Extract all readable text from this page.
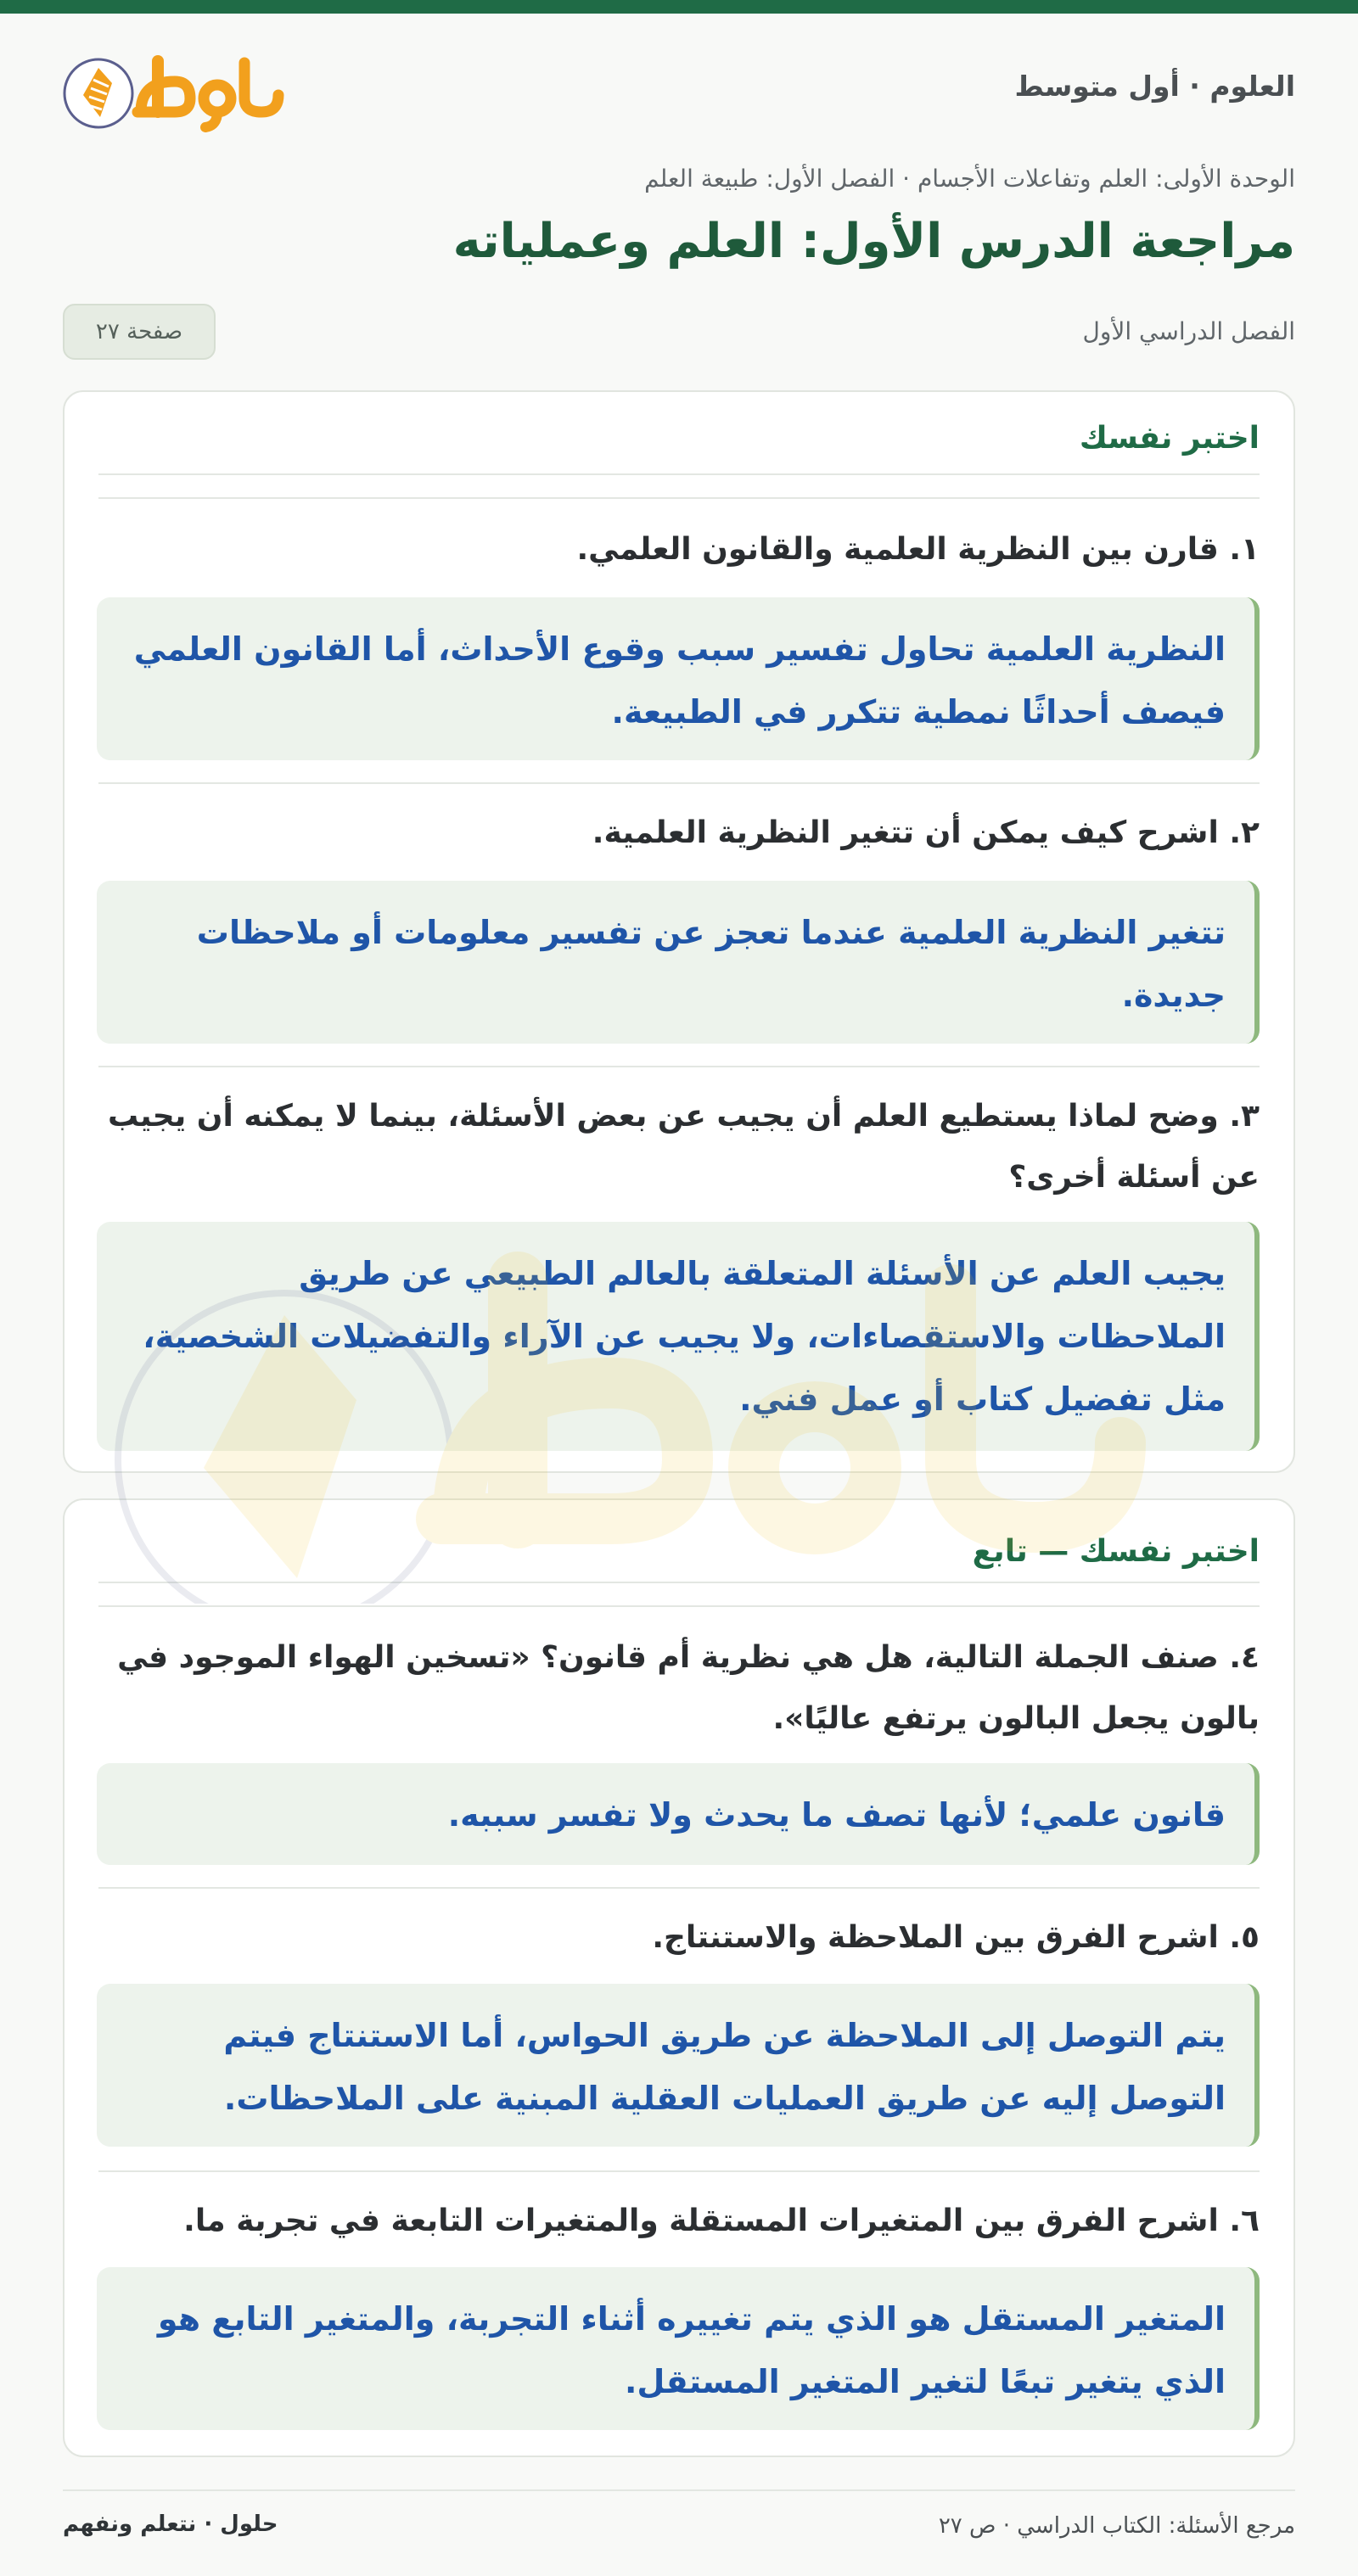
العلوم · أول متوسط
الوحدة الأولى: العلم وتفاعلات الأجسام · الفصل الأول: طبيعة العلم
مراجعة الدرس الأول: العلم وعملياته
الفصل الدراسي الأول
صفحة ٢٧
اختبر نفسك
١. قارن بين النظرية العلمية والقانون العلمي.
النظرية العلمية تحاول تفسير سبب وقوع الأحداث، أما القانون العلمي فيصف أحداثًا نمطية تتكرر في الطبيعة.
٢. اشرح كيف يمكن أن تتغير النظرية العلمية.
تتغير النظرية العلمية عندما تعجز عن تفسير معلومات أو ملاحظات جديدة.
٣. وضح لماذا يستطيع العلم أن يجيب عن بعض الأسئلة، بينما لا يمكنه أن يجيب عن أسئلة أخرى؟
يجيب العلم عن الأسئلة المتعلقة بالعالم الطبيعي عن طريق الملاحظات والاستقصاءات، ولا يجيب عن الآراء والتفضيلات الشخصية، مثل تفضيل كتاب أو عمل فني.
اختبر نفسك — تابع
٤. صنف الجملة التالية، هل هي نظرية أم قانون؟ «تسخين الهواء الموجود في بالون يجعل البالون يرتفع عاليًا».
قانون علمي؛ لأنها تصف ما يحدث ولا تفسر سببه.
٥. اشرح الفرق بين الملاحظة والاستنتاج.
يتم التوصل إلى الملاحظة عن طريق الحواس، أما الاستنتاج فيتم التوصل إليه عن طريق العمليات العقلية المبنية على الملاحظات.
٦. اشرح الفرق بين المتغيرات المستقلة والمتغيرات التابعة في تجربة ما.
المتغير المستقل هو الذي يتم تغييره أثناء التجربة، والمتغير التابع هو الذي يتغير تبعًا لتغير المتغير المستقل.
مرجع الأسئلة: الكتاب الدراسي · ص ٢٧
حلول · نتعلم ونفهم
